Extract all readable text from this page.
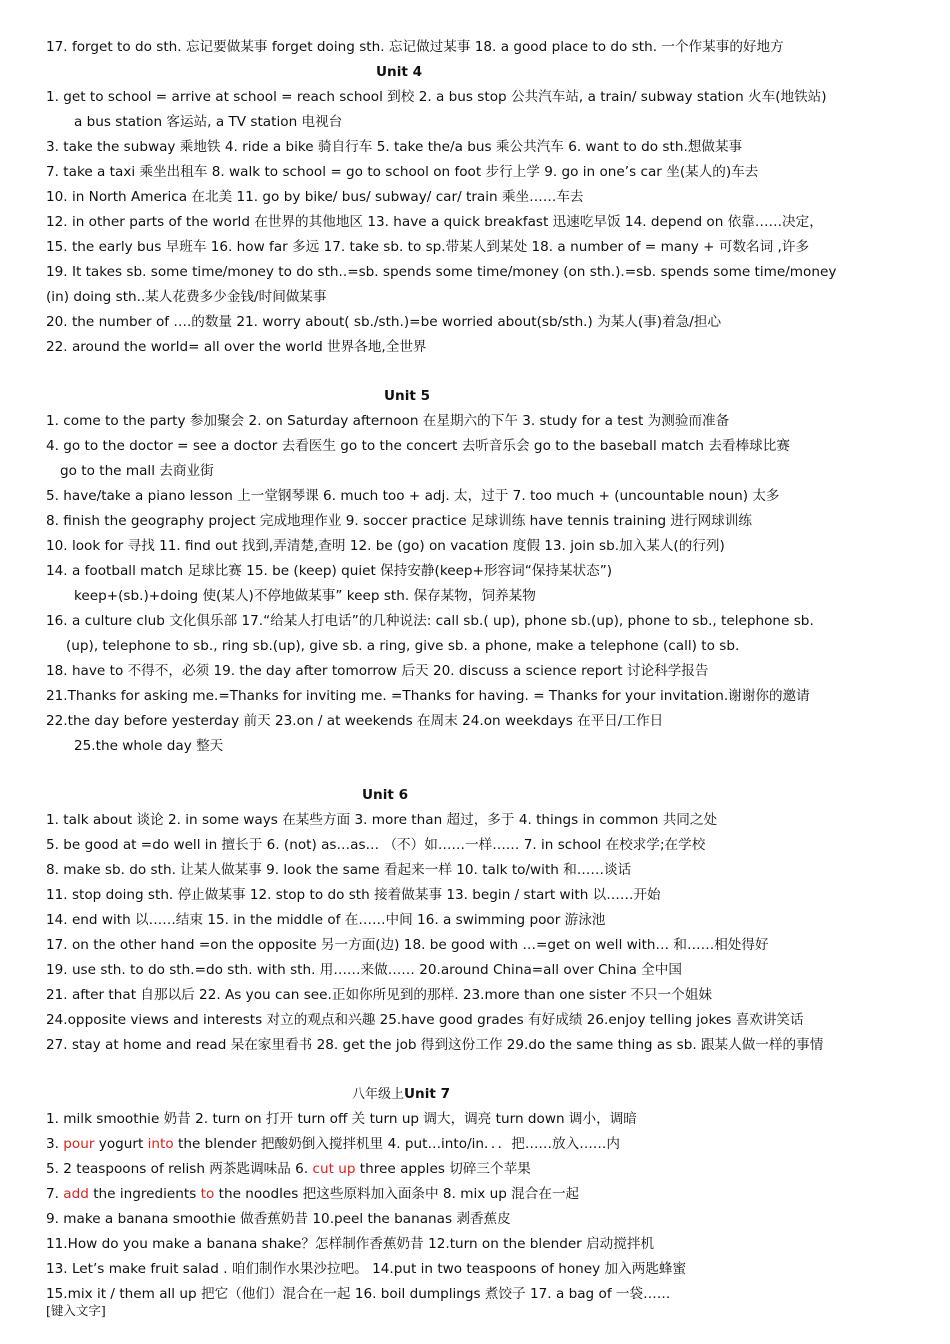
17. forget to do sth. 忘记要做某事 forget doing sth. 忘记做过某事 18. a good place to do sth. 一个作某事的好地方
Unit 4
1. get to school = arrive at school = reach school 到校 2. a bus stop 公共汽车站, a train/ subway station 火车(地铁站)
a bus station 客运站, a TV station 电视台
3. take the subway 乘地铁 4. ride a bike 骑自行车 5. take the/a bus 乘公共汽车 6. want to do sth.想做某事
7. take a taxi 乘坐出租车 8. walk to school = go to school on foot 步行上学 9. go in one’s car 坐(某人的)车去
10. in North America 在北美 11. go by bike/ bus/ subway/ car/ train 乘坐……车去
12. in other parts of the world 在世界的其他地区 13. have a quick breakfast 迅速吃早饭 14. depend on 依靠……决定，
15. the early bus 早班车 16. how far 多远 17. take sb. to sp.带某人到某处 18. a number of = many + 可数名词 ,许多
19. It takes sb. some time/money to do sth..=sb. spends some time/money (on sth.).=sb. spends some time/money
(in) doing sth..某人花费多少金钱/时间做某事
20. the number of ….的数量 21. worry about( sb./sth.)=be worried about(sb/sth.) 为某人(事)着急/担心
22. around the world= all over the world 世界各地,全世界
Unit 5
1. come to the party 参加聚会 2. on Saturday afternoon 在星期六的下午 3. study for a test 为测验而准备
4. go to the doctor = see a doctor 去看医生 go to the concert 去听音乐会 go to the baseball match 去看棒球比赛
go to the mall 去商业街
5. have/take a piano lesson 上一堂钢琴课 6. much too + adj. 太，过于 7. too much + (uncountable noun) 太多
8. finish the geography project 完成地理作业 9. soccer practice 足球训练 have tennis training 进行网球训练
10. look for 寻找 11. find out 找到,弄清楚,查明 12. be (go) on vacation 度假 13. join sb.加入某人(的行列)
14. a football match 足球比赛 15. be (keep) quiet 保持安静(keep+形容词“保持某状态”)
keep+(sb.)+doing 使(某人)不停地做某事” keep sth. 保存某物，饲养某物
16. a culture club 文化俱乐部 17.“给某人打电话”的几种说法: call sb.( up), phone sb.(up), phone to sb., telephone sb.
(up), telephone to sb., ring sb.(up), give sb. a ring, give sb. a phone, make a telephone (call) to sb.
18. have to 不得不，必须 19. the day after tomorrow 后天 20. discuss a science report 讨论科学报告
21.Thanks for asking me.=Thanks for inviting me. =Thanks for having. = Thanks for your invitation.谢谢你的邀请
22.the day before yesterday 前天 23.on / at weekends 在周末 24.on weekdays 在平日/工作日
25.the whole day 整天
Unit 6
1. talk about 谈论 2. in some ways 在某些方面 3. more than 超过，多于 4. things in common 共同之处
5. be good at =do well in 擅长于 6. (not) as…as… （不）如……一样…… 7. in school 在校求学;在学校
8. make sb. do sth. 让某人做某事 9. look the same 看起来一样 10. talk to/with 和……谈话
11. stop doing sth. 停止做某事 12. stop to do sth 接着做某事 13. begin / start with 以……开始
14. end with 以……结束 15. in the middle of 在……中间 16. a swimming poor 游泳池
17. on the other hand =on the opposite 另一方面(边) 18. be good with …=get on well with… 和……相处得好
19. use sth. to do sth.=do sth. with sth. 用……来做…… 20.around China=all over China 全中国
21. after that 自那以后 22. As you can see.正如你所见到的那样. 23.more than one sister 不只一个姐妹
24.opposite views and interests 对立的观点和兴趣 25.have good grades 有好成绩 26.enjoy telling jokes 喜欢讲笑话
27. stay at home and read 呆在家里看书 28. get the job 得到这份工作 29.do the same thing as sb. 跟某人做一样的事情
八年级上Unit 7
1. milk smoothie 奶昔 2. turn on 打开 turn off 关 turn up 调大，调亮 turn down 调小，调暗
3. pour yogurt into the blender 把酸奶倒入搅拌机里 4. put…into/in．．．把……放入……内
5. 2 teaspoons of relish 两茶匙调味品 6. cut up three apples 切碎三个苹果
7. add the ingredients to the noodles 把这些原料加入面条中 8. mix up 混合在一起
9. make a banana smoothie 做香蕉奶昔 10.peel the bananas 剥香蕉皮
11.How do you make a banana shake？怎样制作香蕉奶昔 12.turn on the blender 启动搅拌机
13. Let’s make fruit salad . 咱们制作水果沙拉吧。 14.put in two teaspoons of honey 加入两匙蜂蜜
15.mix it / them all up 把它（他们）混合在一起 16. boil dumplings 煮饺子 17. a bag of 一袋……
[键入文字]
